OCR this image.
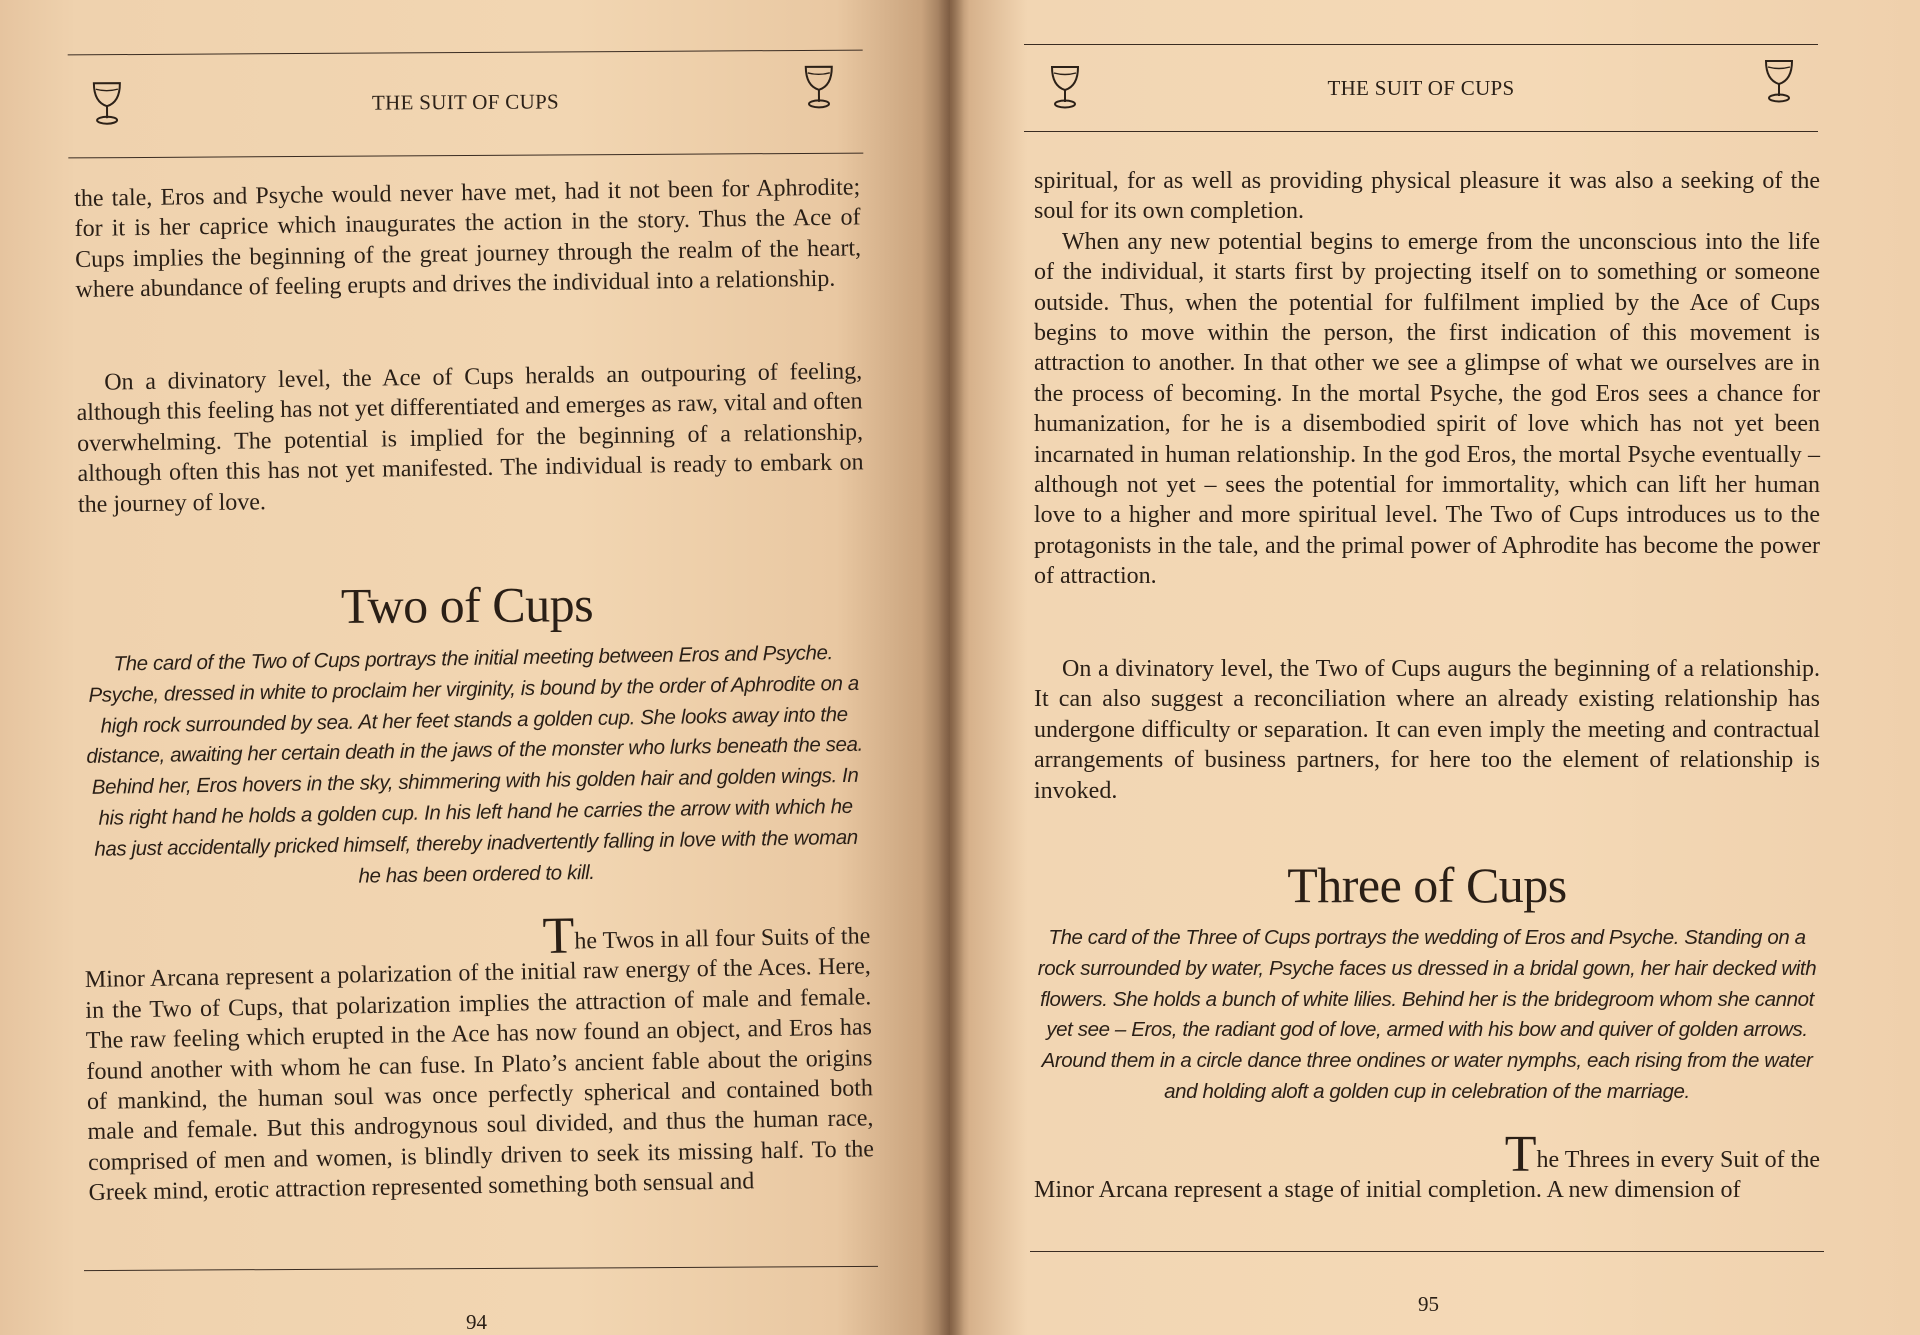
THE SUIT OF CUPS

the tale, Eros and Psyche would never have met, had it not been for Aphrodite; for it is her caprice which inaugurates the action in the story. Thus the Ace of Cups implies the beginning of the great journey through the realm of the heart, where abundance of feeling erupts and drives the individual into a relationship.

On a divinatory level, the Ace of Cups heralds an outpouring of feeling, although this feeling has not yet differentiated and emerges as raw, vital and often overwhelming. The potential is implied for the beginning of a relationship, although often this has not yet manifested. The individual is ready to embark on the journey of love.

Two of Cups
The card of the Two of Cups portrays the initial meeting between Eros and Psyche. Psyche, dressed in white to proclaim her virginity, is bound by the order of Aphrodite on a high rock surrounded by sea. At her feet stands a golden cup. She looks away into the distance, awaiting her certain death in the jaws of the monster who lurks beneath the sea. Behind her, Eros hovers in the sky, shimmering with his golden hair and golden wings. In his right hand he holds a golden cup. In his left hand he carries the arrow with which he has just accidentally pricked himself, thereby inadvertently falling in love with the woman he has been ordered to kill.

The Twos in all four Suits of the

Minor Arcana represent a polarization of the initial raw energy of the Aces. Here, in the Two of Cups, that polarization implies the attraction of male and female. The raw feeling which erupted in the Ace has now found an object, and Eros has found another with whom he can fuse. In Plato’s ancient fable about the origins of mankind, the human soul was once perfectly spherical and contained both male and female. But this androgynous soul divided, and thus the human race, comprised of men and women, is blindly driven to seek its missing half. To the Greek mind, erotic attraction represented something both sensual and

94
THE SUIT OF CUPS

spiritual, for as well as providing physical pleasure it was also a seeking of the soul for its own completion.

When any new potential begins to emerge from the unconscious into the life of the individual, it starts first by projecting itself on to something or someone outside. Thus, when the potential for fulfilment implied by the Ace of Cups begins to move within the person, the first indication of this movement is attraction to another. In that other we see a glimpse of what we ourselves are in the process of becoming. In the mortal Psyche, the god Eros sees a chance for humanization, for he is a disembodied spirit of love which has not yet been incarnated in human relationship. In the god Eros, the mortal Psyche eventually – although not yet – sees the potential for immortality, which can lift her human love to a higher and more spiritual level. The Two of Cups introduces us to the protagonists in the tale, and the primal power of Aphrodite has become the power of attraction.

On a divinatory level, the Two of Cups augurs the beginning of a relationship. It can also suggest a reconciliation where an already existing relationship has undergone difficulty or separation. It can even imply the meeting and contractual arrangements of business partners, for here too the element of relationship is invoked.

Three of Cups
The card of the Three of Cups portrays the wedding of Eros and Psyche. Standing on a rock surrounded by water, Psyche faces us dressed in a bridal gown, her hair decked with flowers. She holds a bunch of white lilies. Behind her is the bridegroom whom she cannot yet see – Eros, the radiant god of love, armed with his bow and quiver of golden arrows. Around them in a circle dance three ondines or water nymphs, each rising from the water and holding aloft a golden cup in celebration of the marriage.

The Threes in every Suit of the

Minor Arcana represent a stage of initial completion. A new dimension of

95
